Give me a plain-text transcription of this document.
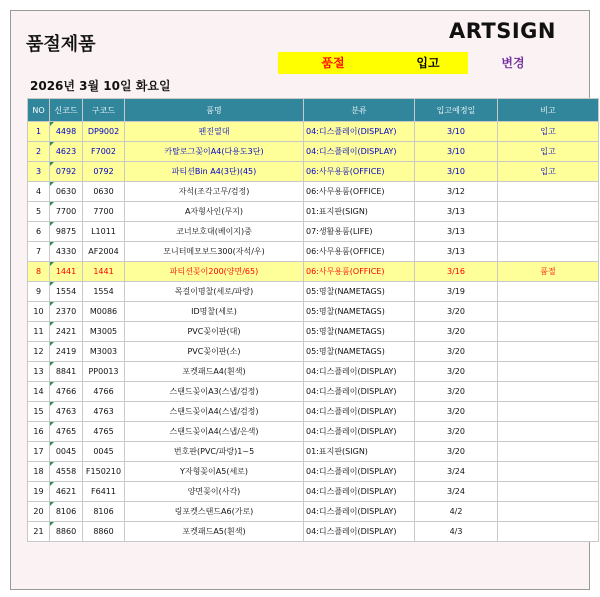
품절제품
ARTSIGN
품절	입고	변경
2026년 3월 10일 화요일
NO	신코드	구코드	품명	분류	입고예정일	비고
1	4498	DP9002	펜진열대	04:디스플레이(DISPLAY)	3/10	입고
2	4623	F7002	카탈로그꽂이A4(다용도3단)	04:디스플레이(DISPLAY)	3/10	입고
3	0792	0792	파티션Bin A4(3단)(45)	06:사무용품(OFFICE)	3/10	입고
4	0630	0630	자석(조각고무/검정)	06:사무용품(OFFICE)	3/12	
5	7700	7700	A자형사인(무지)	01:표지판(SIGN)	3/13	
6	9875	L1011	코너보호대(베이지)중	07:생활용품(LIFE)	3/13	
7	4330	AF2004	모니터메모보드300(자석/우)	06:사무용품(OFFICE)	3/13	
8	1441	1441	파티션꽂이200(양면/65)	06:사무용품(OFFICE)	3/16	품절
9	1554	1554	목걸이명찰(세로/파랑)	05:명찰(NAMETAGS)	3/19	
10	2370	M0086	ID명찰(세로)	05:명찰(NAMETAGS)	3/20	
11	2421	M3005	PVC꽂이판(대)	05:명찰(NAMETAGS)	3/20	
12	2419	M3003	PVC꽂이판(소)	05:명찰(NAMETAGS)	3/20	
13	8841	PP0013	포켓패드A4(흰색)	04:디스플레이(DISPLAY)	3/20	
14	4766	4766	스탠드꽂이A3(스냅/검정)	04:디스플레이(DISPLAY)	3/20	
15	4763	4763	스탠드꽂이A4(스냅/검정)	04:디스플레이(DISPLAY)	3/20	
16	4765	4765	스탠드꽂이A4(스냅/은색)	04:디스플레이(DISPLAY)	3/20	
17	0045	0045	번호판(PVC/파랑)1~5	01:표지판(SIGN)	3/20	
18	4558	F150210	Y자형꽂이A5(세로)	04:디스플레이(DISPLAY)	3/24	
19	4621	F6411	양면꽂이(사각)	04:디스플레이(DISPLAY)	3/24	
20	8106	8106	링포켓스탠드A6(가로)	04:디스플레이(DISPLAY)	4/2	
21	8860	8860	포켓패드A5(흰색)	04:디스플레이(DISPLAY)	4/3	
